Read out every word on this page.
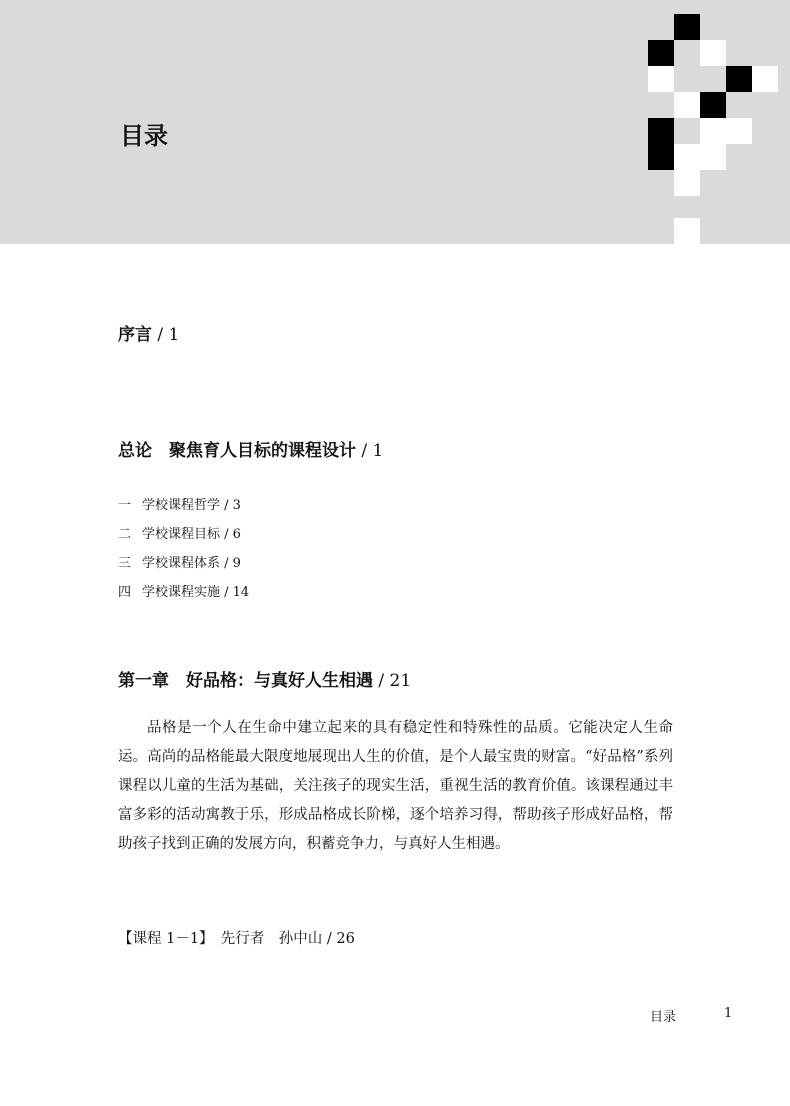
目录
序言 / 1
总论　聚焦育人目标的课程设计 / 1
一 学校课程哲学 / 3
二 学校课程目标 / 6
三 学校课程体系 / 9
四 学校课程实施 / 14
第一章　好品格：与真好人生相遇 / 21
品格是一个人在生命中建立起来的具有稳定性和特殊性的品质。它能决定人生命运。高尚的品格能最大限度地展现出人生的价值，是个人最宝贵的财富。“好品格”系列课程以儿童的生活为基础，关注孩子的现实生活，重视生活的教育价值。该课程通过丰富多彩的活动寓教于乐，形成品格成长阶梯，逐个培养习得，帮助孩子形成好品格，帮助孩子找到正确的发展方向，积蓄竞争力，与真好人生相遇。
【课程 1－1】　先行者　孙中山 / 26
目录	1
